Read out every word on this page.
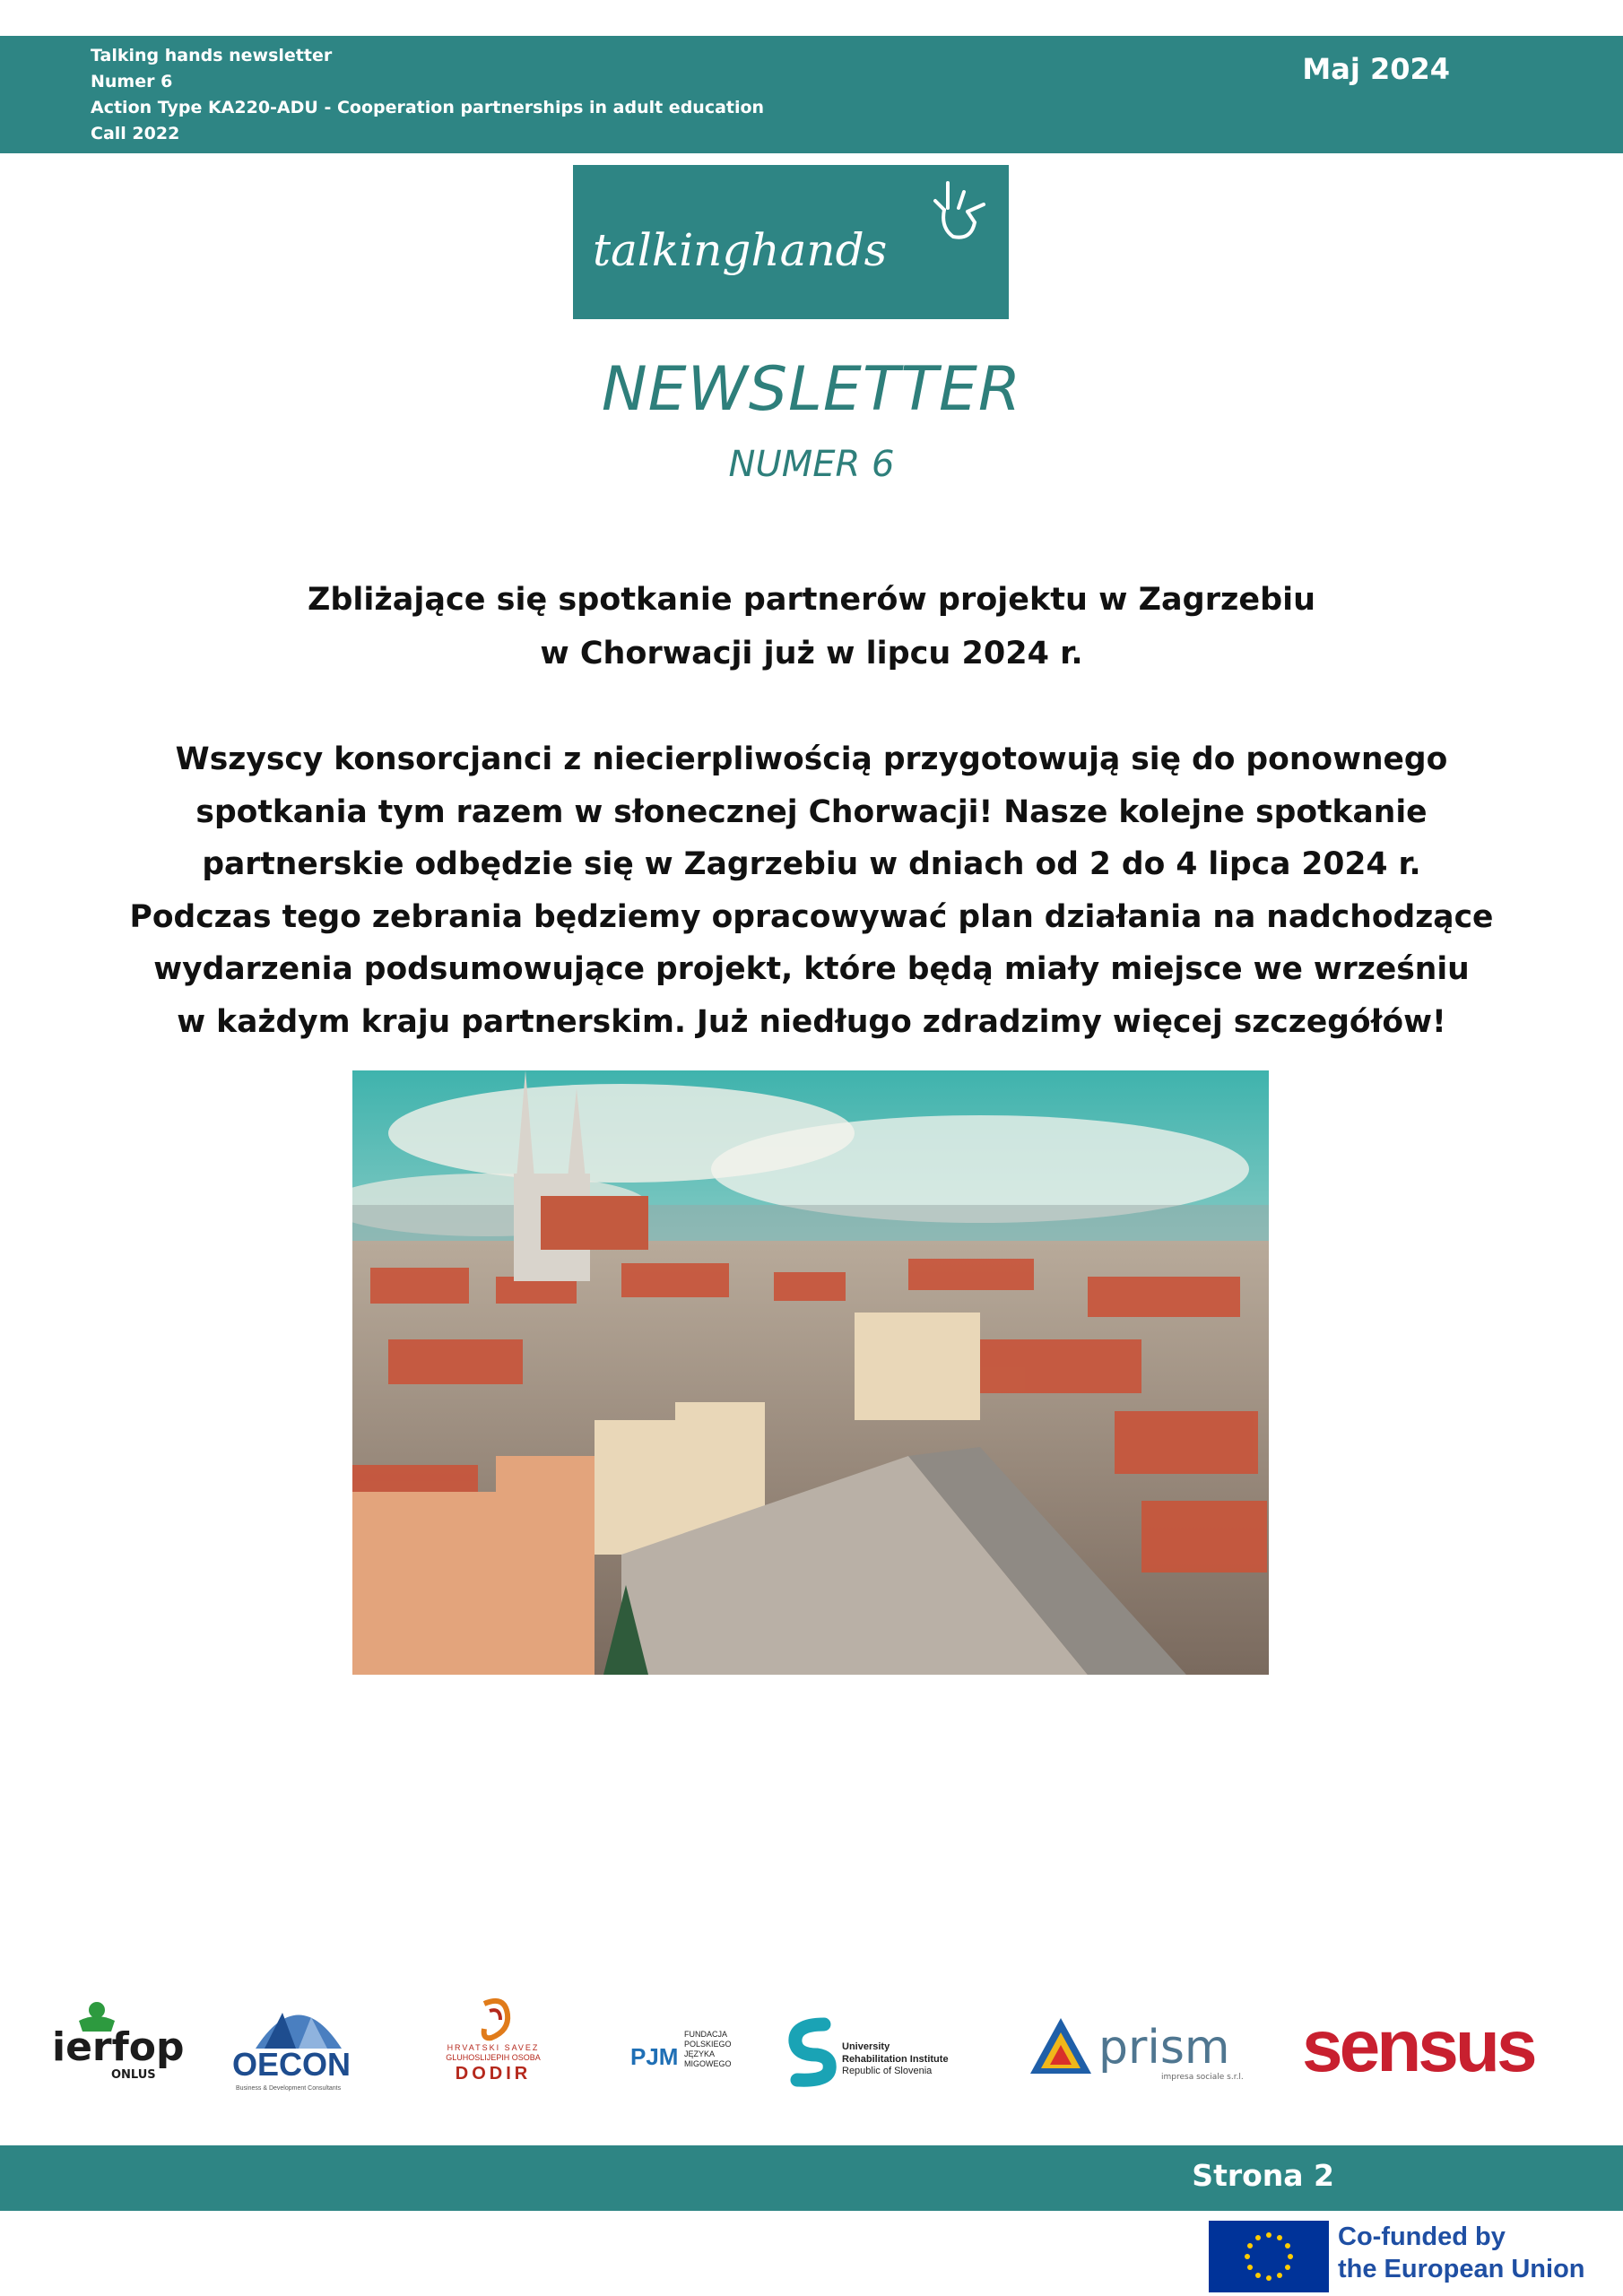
Talking hands newsletter
Numer 6
Action Type KA220-ADU - Cooperation partnerships in adult education
Call 2022
Maj 2024
talkinghands
NEWSLETTER
NUMER 6
Zbliżające się spotkanie partnerów projektu w Zagrzebiu
w Chorwacji już w lipcu 2024 r.
Wszyscy konsorcjanci z niecierpliwością przygotowują się do ponownego
spotkania tym razem w słonecznej Chorwacji! Nasze kolejne spotkanie
partnerskie odbędzie się w Zagrzebiu w dniach od 2 do 4 lipca 2024 r.
Podczas tego zebrania będziemy opracowywać plan działania na nadchodzące
wydarzenia podsumowujące projekt, które będą miały miejsce we wrześniu
w każdym kraju partnerskim. Już niedługo zdradzimy więcej szczegółów!
ierfop
ONLUS OECON
Business & Development Consultants
HRVATSKI SAVEZ
GLUHOSLIJEPIH OSOBA
DODIR
PJM
FUNDACJA
POLSKIEGO
JĘZYKA
MIGOWEGO
University
Rehabilitation Institute
Republic of Slovenia	prism
impresa sociale s.r.l. sensus
Strona 2
Co-funded by
the European Union
